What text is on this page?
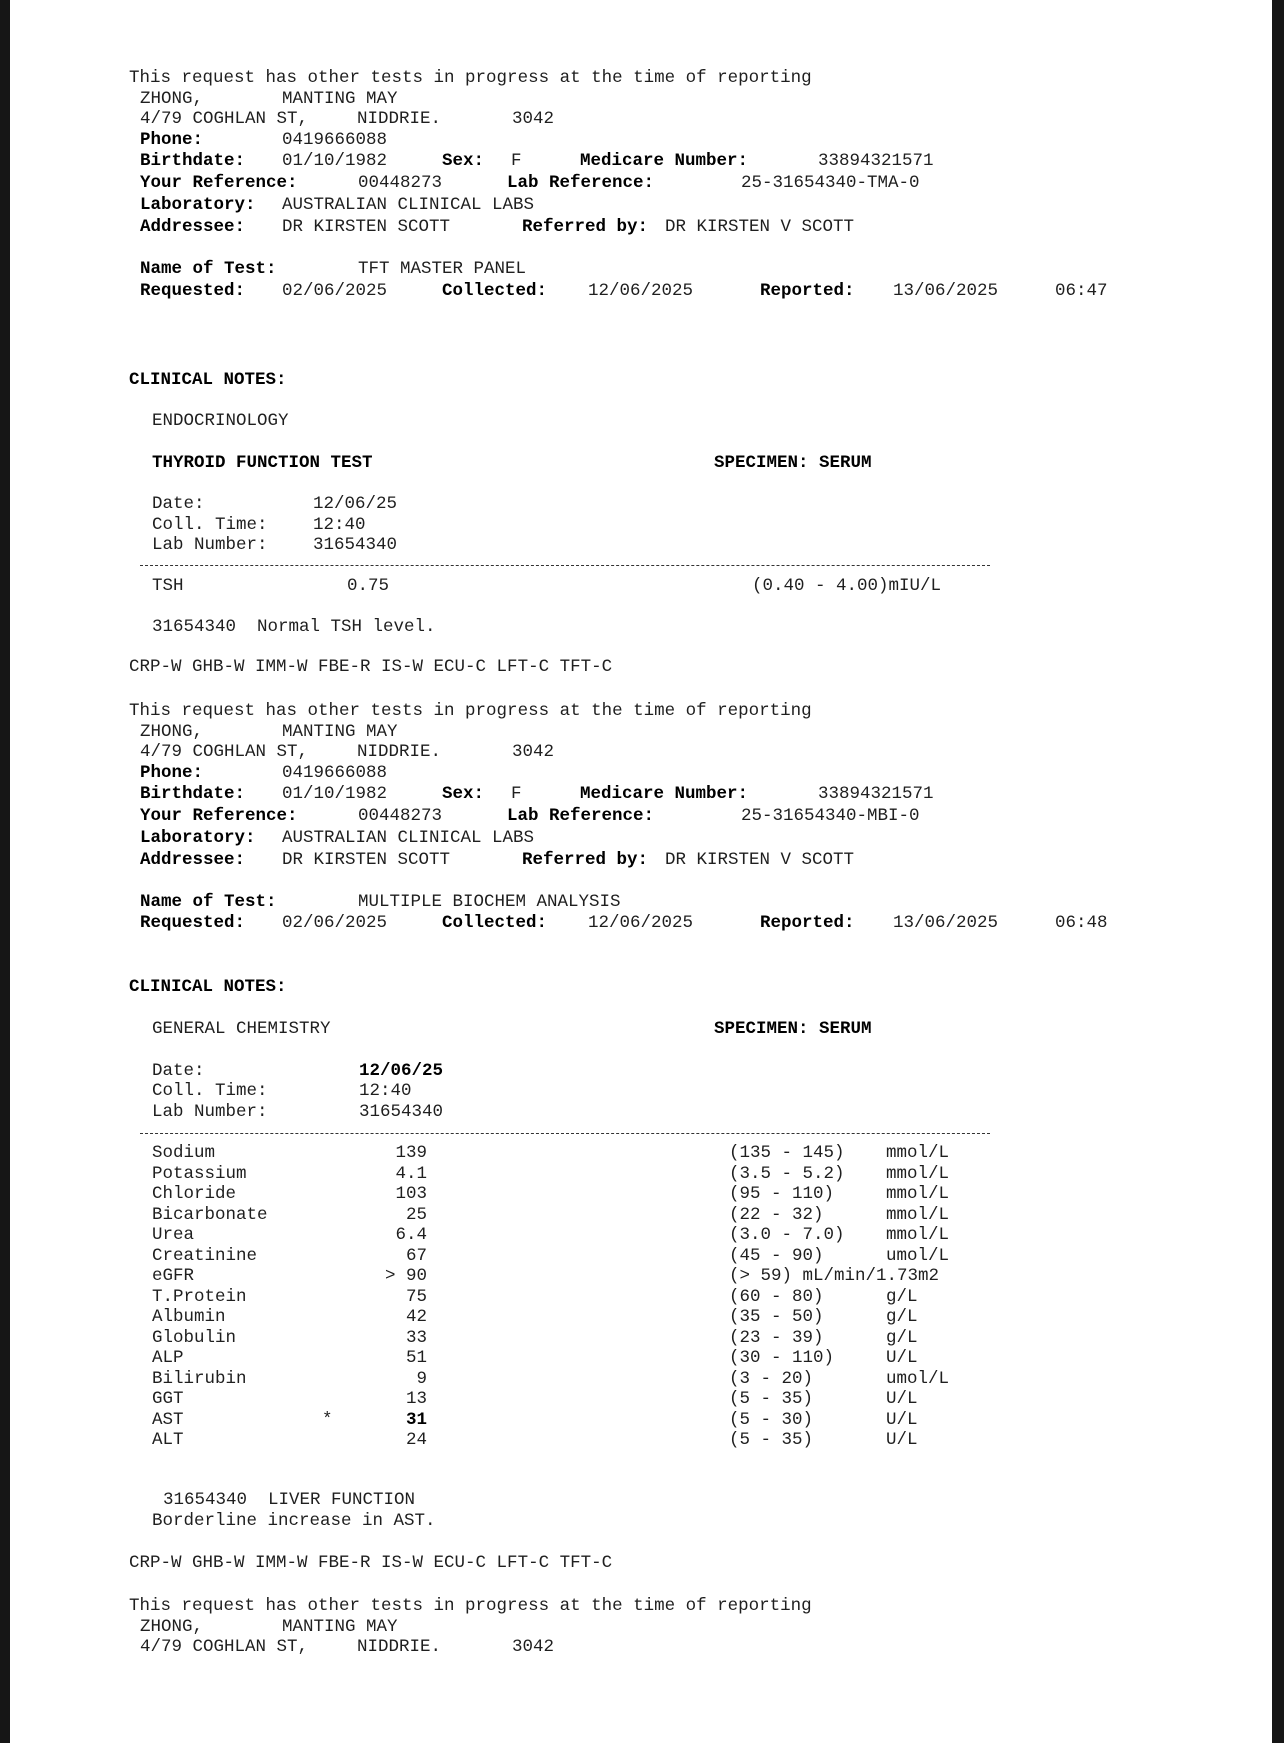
This request has other tests in progress at the time of reporting
ZHONG,	MANTING MAY
4/79 COGHLAN ST,	NIDDRIE.	3042
Phone:	0419666088
Birthdate: 01/10/1982	Sex: F	Medicare Number:	33894321571
Your Reference:	00448273	Lab Reference:	25-31654340-TMA-0
Laboratory: AUSTRALIAN CLINICAL LABS
Addressee: DR KIRSTEN SCOTT	Referred by: DR KIRSTEN V SCOTT
Name of Test:	TFT MASTER PANEL
Requested: 02/06/2025	Collected: 12/06/2025	Reported: 13/06/2025	06:47
CLINICAL NOTES:
ENDOCRINOLOGY
THYROID FUNCTION TEST	SPECIMEN: SERUM
Date:	12/06/25
Coll. Time:	12:40
Lab Number:	31654340
TSH	0.75	(0.40 - 4.00)mIU/L
31654340  Normal TSH level.
CRP-W GHB-W IMM-W FBE-R IS-W ECU-C LFT-C TFT-C
This request has other tests in progress at the time of reporting
ZHONG,	MANTING MAY
4/79 COGHLAN ST,	NIDDRIE.	3042
Phone:	0419666088
Birthdate: 01/10/1982	Sex: F	Medicare Number:	33894321571
Your Reference:	00448273	Lab Reference:	25-31654340-MBI-0
Laboratory: AUSTRALIAN CLINICAL LABS
Addressee: DR KIRSTEN SCOTT	Referred by: DR KIRSTEN V SCOTT
Name of Test:	MULTIPLE BIOCHEM ANALYSIS
Requested: 02/06/2025	Collected: 12/06/2025	Reported: 13/06/2025	06:48
CLINICAL NOTES:
GENERAL CHEMISTRY	SPECIMEN: SERUM
Date:	12/06/25
Coll. Time:	12:40
Lab Number:	31654340
Sodium	139	(135 - 145) mmol/L
Potassium	4.1	(3.5 - 5.2) mmol/L
Chloride	103	(95 - 110)	mmol/L
Bicarbonate	25	(22 - 32)	mmol/L
Urea	6.4	(3.0 - 7.0) mmol/L
Creatinine	67	(45 - 90)	umol/L
eGFR	> 90	(> 59) mL/min/1.73m2
T.Protein	75	(60 - 80)	g/L
Albumin	42	(35 - 50)	g/L
Globulin	33	(23 - 39)	g/L
ALP	51	(30 - 110)	U/L
Bilirubin	9	(3 - 20)	umol/L
GGT	13	(5 - 35)	U/L
AST	*	31	(5 - 30)	U/L
ALT	24	(5 - 35)	U/L
31654340  LIVER FUNCTION
Borderline increase in AST.
CRP-W GHB-W IMM-W FBE-R IS-W ECU-C LFT-C TFT-C
This request has other tests in progress at the time of reporting
ZHONG,	MANTING MAY
4/79 COGHLAN ST,	NIDDRIE.	3042
